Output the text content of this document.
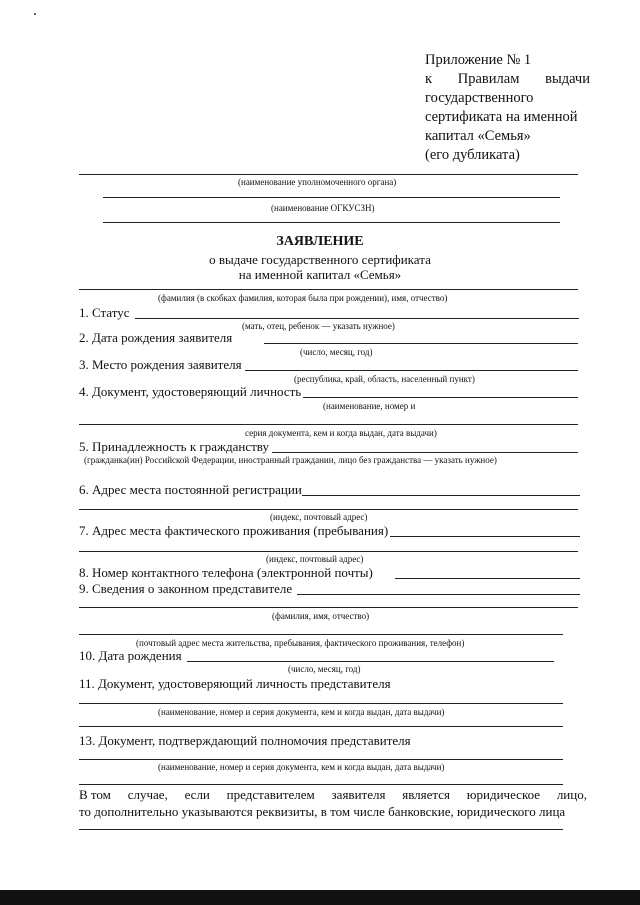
Приложение № 1
к Правилам выдачи
государственного
сертификата на именной
капитал «Семья»
(его дубликата)
(наименование уполномоченного органа)
(наименование ОГКУСЗН)
ЗАЯВЛЕНИЕ
о выдаче государственного сертификата
на именной капитал «Семья»
(фамилия (в скобках фамилия, которая была при рождении), имя, отчество)
1. Статус
(мать, отец, ребенок — указать нужное)
2. Дата рождения заявителя
(число, месяц, год)
3. Место рождения заявителя
(республика, край, область, населенный пункт)
4. Документ, удостоверяющий личность
(наименование, номер и
серия документа, кем и когда выдан, дата выдачи)
5. Принадлежность к гражданству
(гражданка(ин) Российской Федерации, иностранный гражданин, лицо без гражданства — указать нужное)
6. Адрес места постоянной регистрации
(индекс, почтовый адрес)
7. Адрес места фактического проживания (пребывания)
(индекс, почтовый адрес)
8. Номер контактного телефона (электронной почты)
9. Сведения о законном представителе
(фамилия, имя, отчество)
(почтовый адрес места жительства, пребывания, фактического проживания, телефон)
10. Дата рождения
(число, месяц, год)
11. Документ, удостоверяющий личность представителя
(наименование, номер и серия документа, кем и когда выдан, дата выдачи)
13. Документ, подтверждающий полномочия представителя
(наименование, номер и серия документа, кем и когда выдан, дата выдачи)
В том случае, если представителем заявителя является юридическое лицо,
то дополнительно указываются реквизиты, в том числе банковские, юридического лица
